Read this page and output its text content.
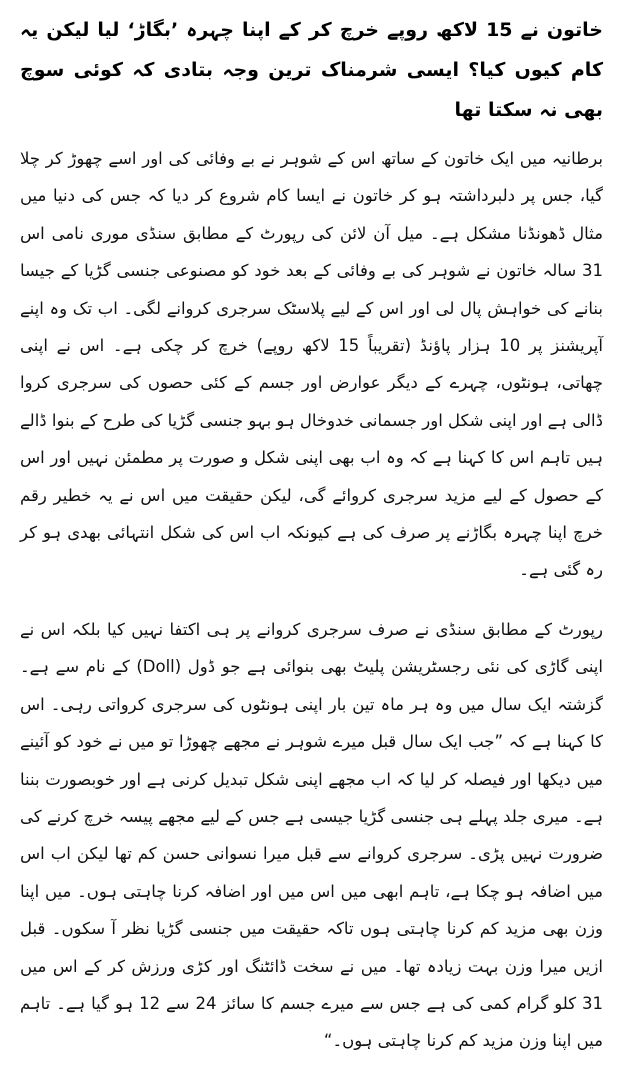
خاتون نے 15 لاکھ روپے خرچ کر کے اپنا چہرہ ’بگاڑ‘ لیا لیکن یہ کام کیوں کیا؟ ایسی شرمناک ترین وجہ بتادی کہ کوئی سوچ بھی نہ سکتا تھا

برطانیہ میں ایک خاتون کے ساتھ اس کے شوہر نے بے وفائی کی اور اسے چھوڑ کر چلا گیا، جس پر دلبرداشتہ ہو کر خاتون نے ایسا کام شروع کر دیا کہ جس کی دنیا میں مثال ڈھونڈنا مشکل ہے۔ میل آن لائن کی رپورٹ کے مطابق سنڈی موری نامی اس 31 سالہ خاتون نے شوہر کی بے وفائی کے بعد خود کو مصنوعی جنسی گڑیا کے جیسا بنانے کی خواہش پال لی اور اس کے لیے پلاسٹک سرجری کروانے لگی۔ اب تک وہ اپنے آپریشنز پر 10 ہزار پاؤنڈ (تقریباً 15 لاکھ روپے) خرچ کر چکی ہے۔ اس نے اپنی چھاتی، ہونٹوں، چہرے کے دیگر عوارض اور جسم کے کئی حصوں کی سرجری کروا ڈالی ہے اور اپنی شکل اور جسمانی خدوخال ہو بہو جنسی گڑیا کی طرح کے بنوا ڈالے ہیں تاہم اس کا کہنا ہے کہ وہ اب بھی اپنی شکل و صورت پر مطمئن نہیں اور اس کے حصول کے لیے مزید سرجری کروائے گی، لیکن حقیقت میں اس نے یہ خطیر رقم خرچ اپنا چہرہ بگاڑنے پر صرف کی ہے کیونکہ اب اس کی شکل انتہائی بھدی ہو کر رہ گئی ہے۔

رپورٹ کے مطابق سنڈی نے صرف سرجری کروانے پر ہی اکتفا نہیں کیا بلکہ اس نے اپنی گاڑی کی نئی رجسٹریشن پلیٹ بھی بنوائی ہے جو ڈول (Doll) کے نام سے ہے۔ گزشتہ ایک سال میں وہ ہر ماہ تین بار اپنی ہونٹوں کی سرجری کرواتی رہی۔ اس کا کہنا ہے کہ ”جب ایک سال قبل میرے شوہر نے مجھے چھوڑا تو میں نے خود کو آئینے میں دیکھا اور فیصلہ کر لیا کہ اب مجھے اپنی شکل تبدیل کرنی ہے اور خوبصورت بننا ہے۔ میری جلد پہلے ہی جنسی گڑیا جیسی ہے جس کے لیے مجھے پیسہ خرچ کرنے کی ضرورت نہیں پڑی۔ سرجری کروانے سے قبل میرا نسوانی حسن کم تھا لیکن اب اس میں اضافہ ہو چکا ہے، تاہم ابھی میں اس میں اور اضافہ کرنا چاہتی ہوں۔ میں اپنا وزن بھی مزید کم کرنا چاہتی ہوں تاکہ حقیقت میں جنسی گڑیا نظر آ سکوں۔ قبل ازیں میرا وزن بہت زیادہ تھا۔ میں نے سخت ڈائٹنگ اور کڑی ورزش کر کے اس میں 31 کلو گرام کمی کی ہے جس سے میرے جسم کا سائز 24 سے 12 ہو گیا ہے۔ تاہم میں اپنا وزن مزید کم کرنا چاہتی ہوں۔“
